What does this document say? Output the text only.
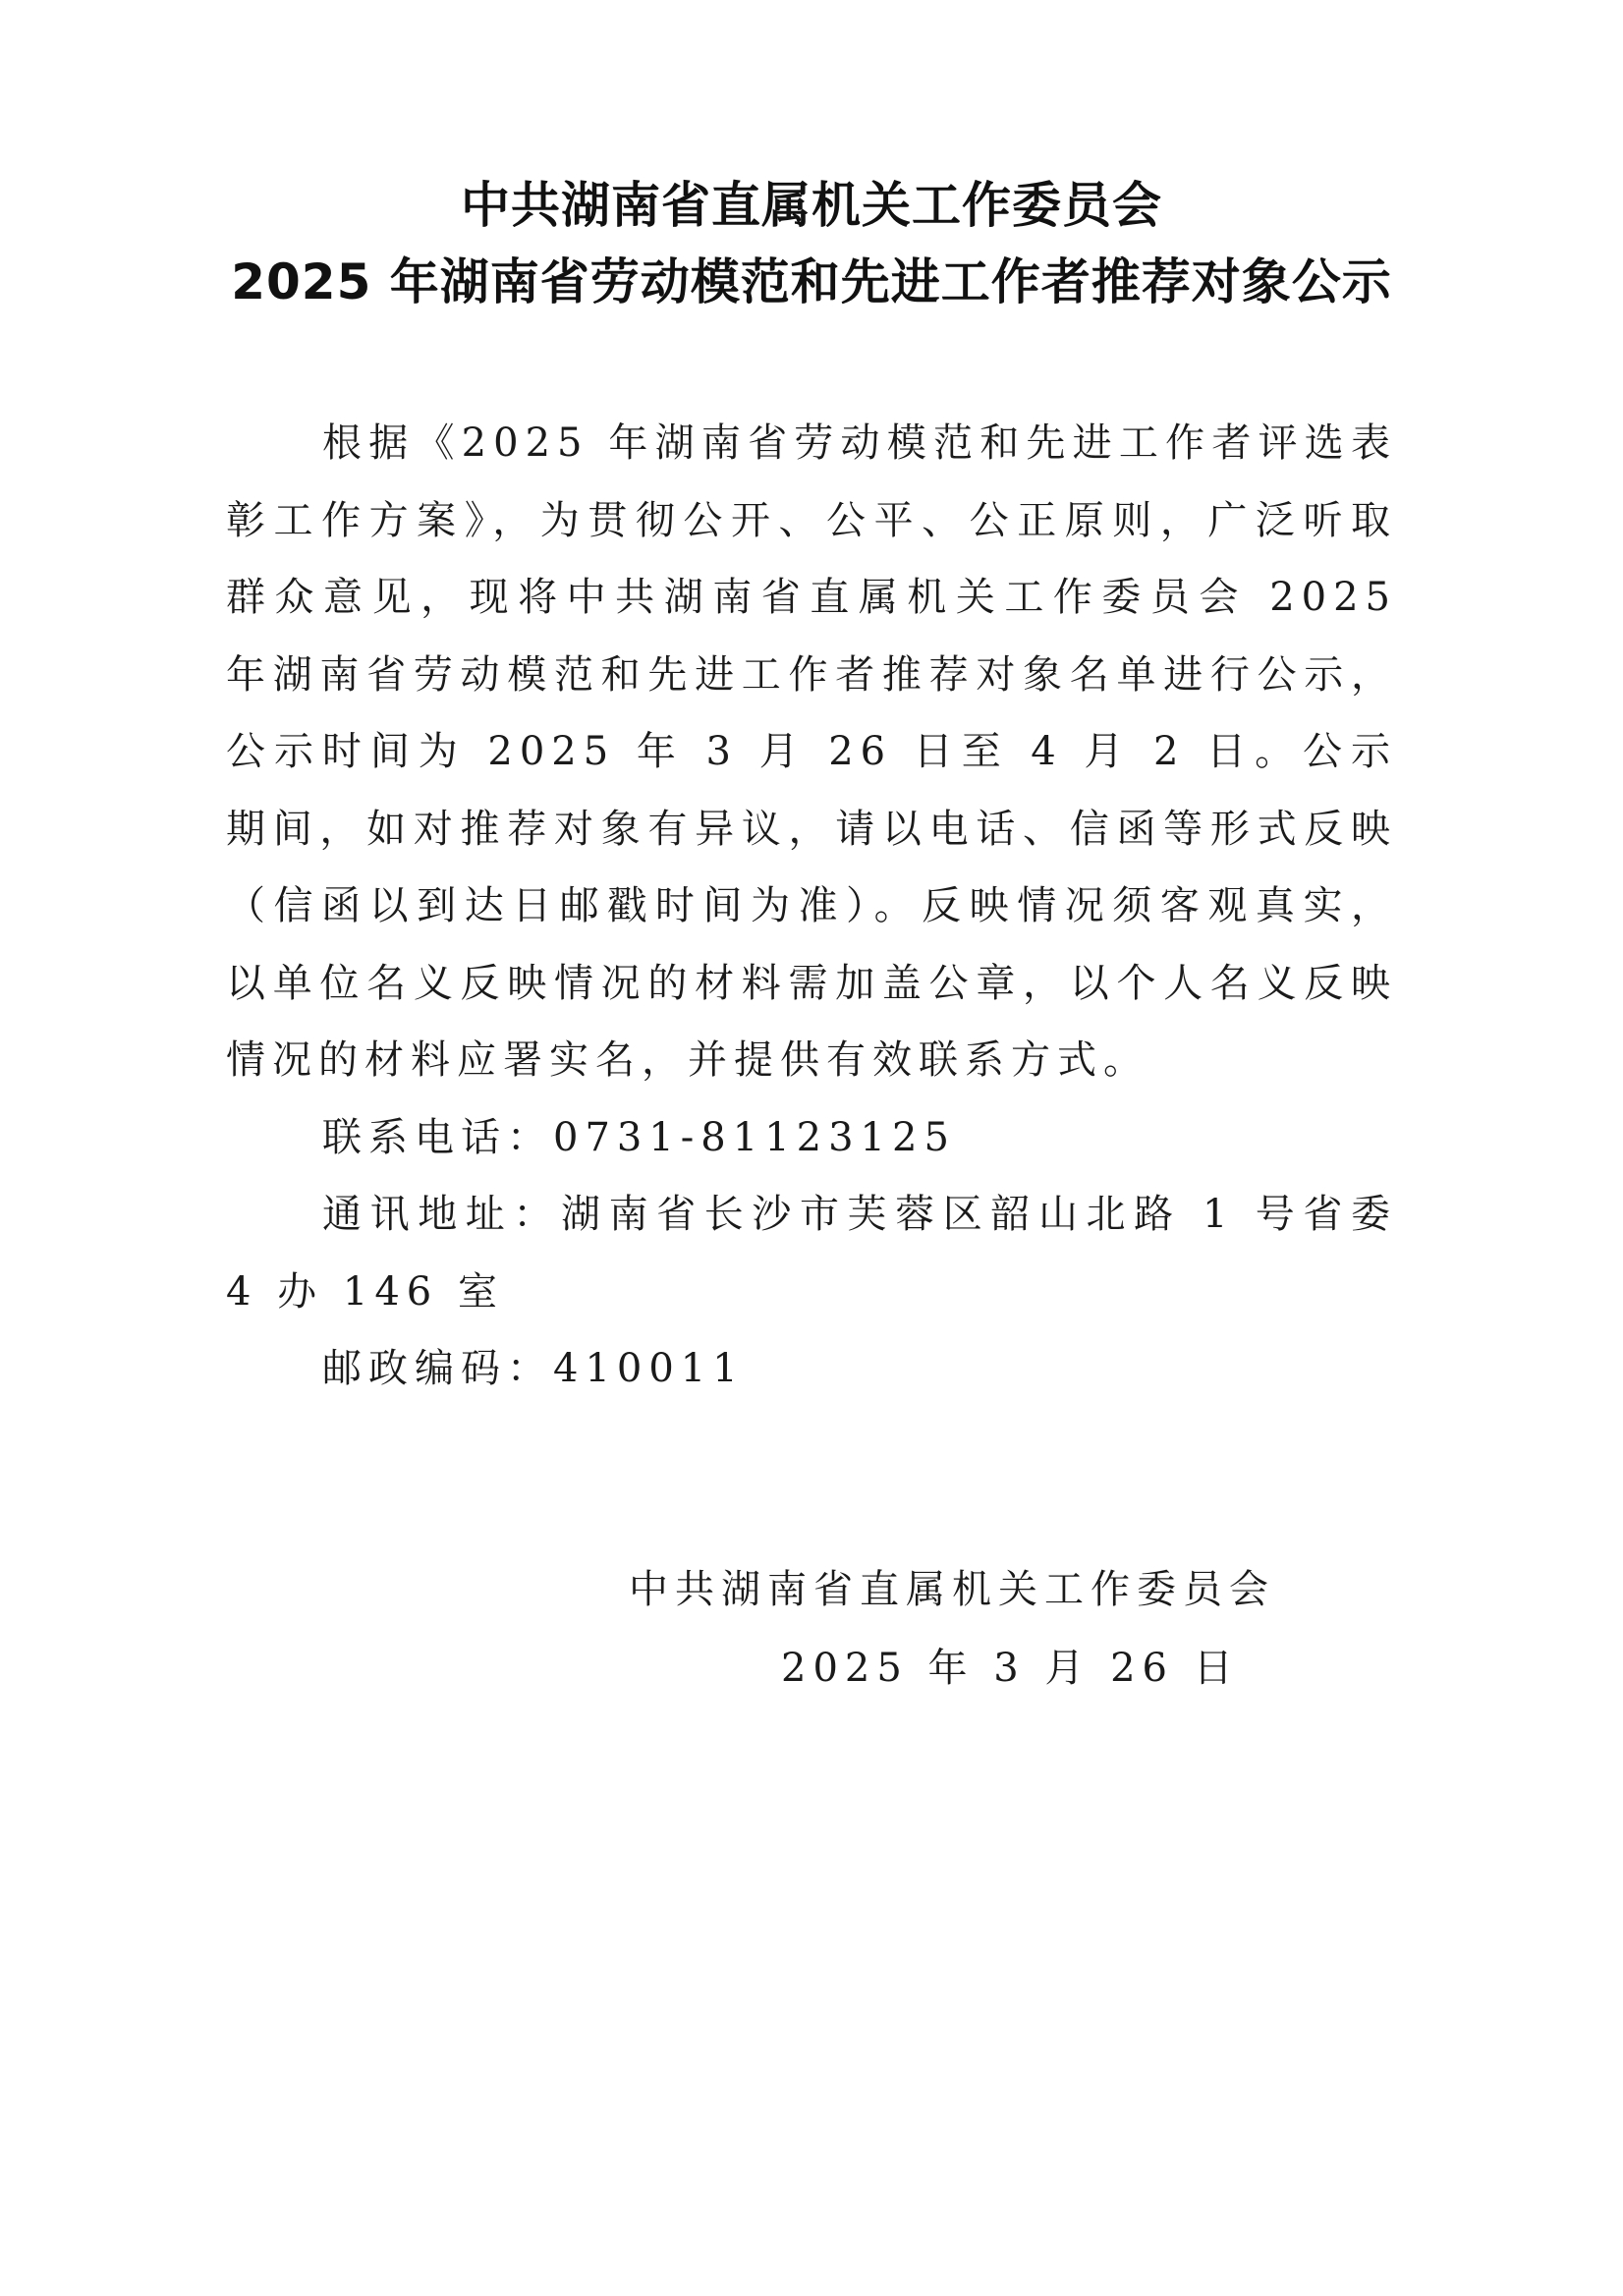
中共湖南省直属机关工作委员会
2025 年湖南省劳动模范和先进工作者推荐对象公示

根据《2025 年湖南省劳动模范和先进工作者评选表彰工作方案》，为贯彻公开、公平、公正原则，广泛听取群众意见，现将中共湖南省直属机关工作委员会 2025 年湖南省劳动模范和先进工作者推荐对象名单进行公示，公示时间为 2025 年 3 月 26 日至 4 月 2 日。公示期间，如对推荐对象有异议，请以电话、信函等形式反映（信函以到达日邮戳时间为准）。反映情况须客观真实，以单位名义反映情况的材料需加盖公章，以个人名义反映情况的材料应署实名，并提供有效联系方式。

联系电话：0731-81123125

通讯地址：湖南省长沙市芙蓉区韶山北路 1 号省委 4 办 146 室

邮政编码：410011

中共湖南省直属机关工作委员会
2025 年 3 月 26 日
